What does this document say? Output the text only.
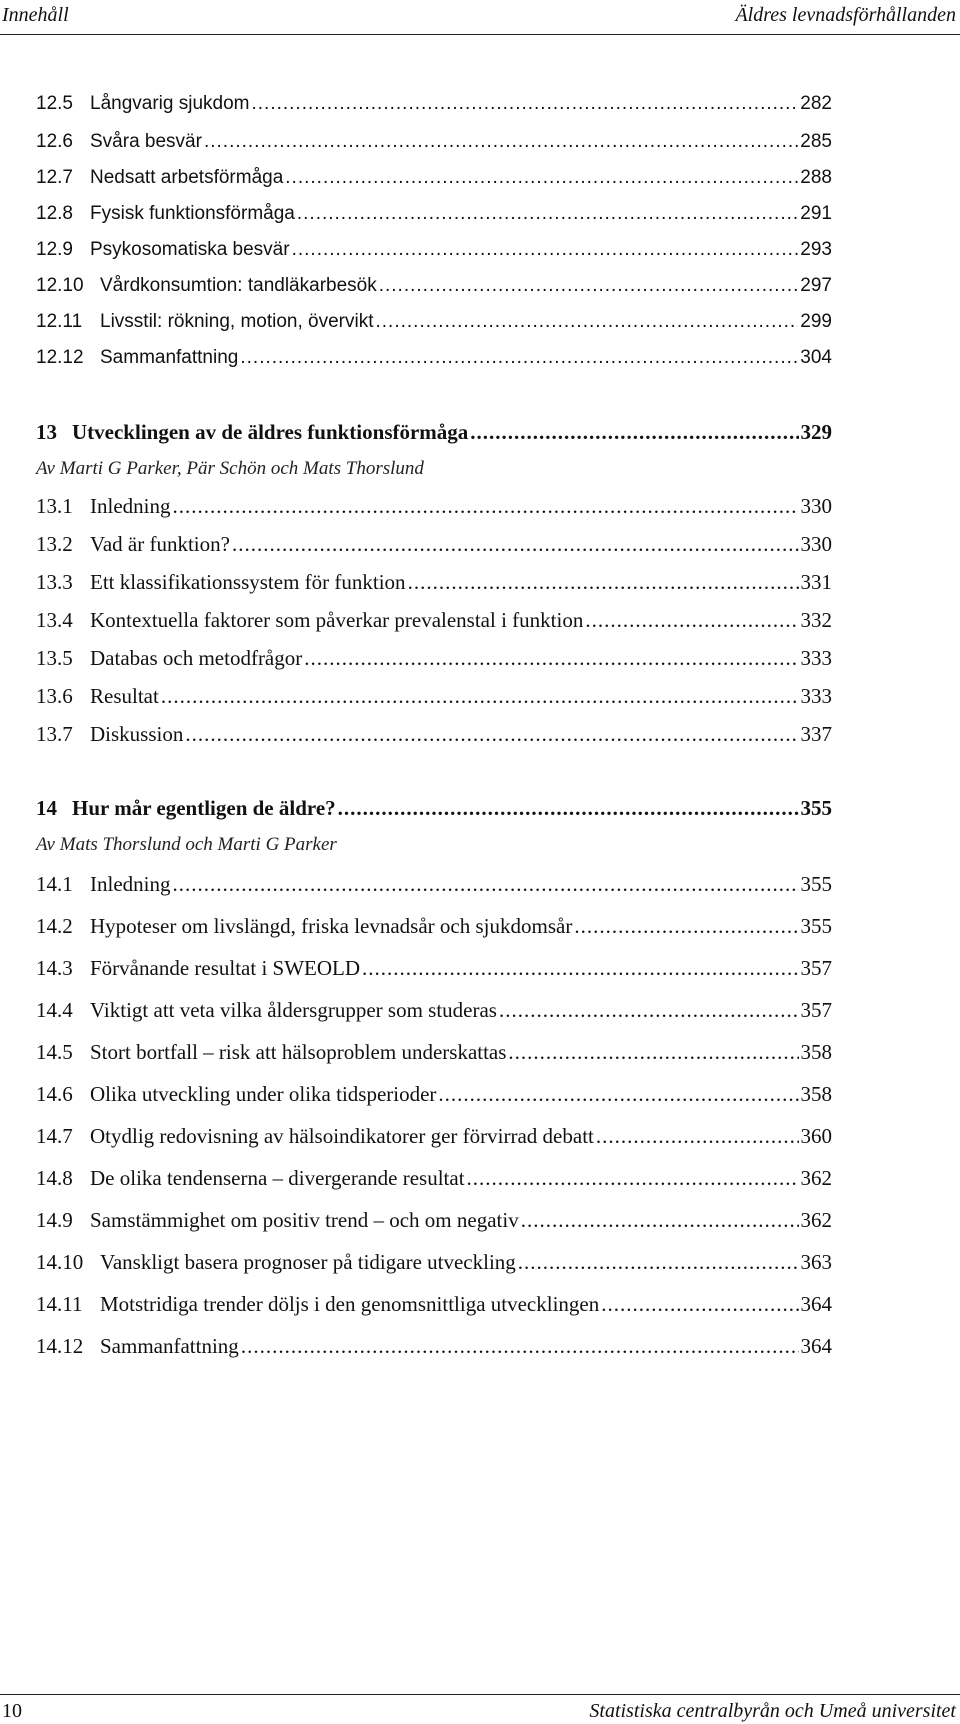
Innehåll	Äldres levnadsförhållanden
12.5 Långvarig sjukdom .....	282
12.6 Svåra besvär .....	285
12.7 Nedsatt arbetsförmåga .....	288
12.8 Fysisk funktionsförmåga .....	291
12.9 Psykosomatiska besvär .....	293
12.10 Vårdkonsumtion: tandläkarbesök .....	297
12.11 Livsstil: rökning, motion, övervikt .....	299
12.12 Sammanfattning .....	304
13 Utvecklingen av de äldres funktionsförmåga .....	329
Av Marti G Parker, Pär Schön och Mats Thorslund
13.1 Inledning .....	330
13.2 Vad är funktion? .....	330
13.3 Ett klassifikationssystem för funktion .....	331
13.4 Kontextuella faktorer som påverkar prevalenstal i funktion .....	332
13.5 Databas och metodfrågor .....	333
13.6 Resultat .....	333
13.7 Diskussion .....	337
14 Hur mår egentligen de äldre? .....	355
Av Mats Thorslund och Marti G Parker
14.1 Inledning .....	355
14.2 Hypoteser om livslängd, friska levnadsår och sjukdomsår .....	355
14.3 Förvånande resultat i SWEOLD .....	357
14.4 Viktigt att veta vilka åldersgrupper som studeras .....	357
14.5 Stort bortfall – risk att hälsoproblem underskattas .....	358
14.6 Olika utveckling under olika tidsperioder .....	358
14.7 Otydlig redovisning av hälsoindikatorer ger förvirrad debatt .....	360
14.8 De olika tendenserna – divergerande resultat .....	362
14.9 Samstämmighet om positiv trend – och om negativ .....	362
14.10 Vanskligt basera prognoser på tidigare utveckling .....	363
14.11 Motstridiga trender döljs i den genomsnittliga utvecklingen .....	364
14.12 Sammanfattning .....	364
10	Statistiska centralbyrån och Umeå universitet
